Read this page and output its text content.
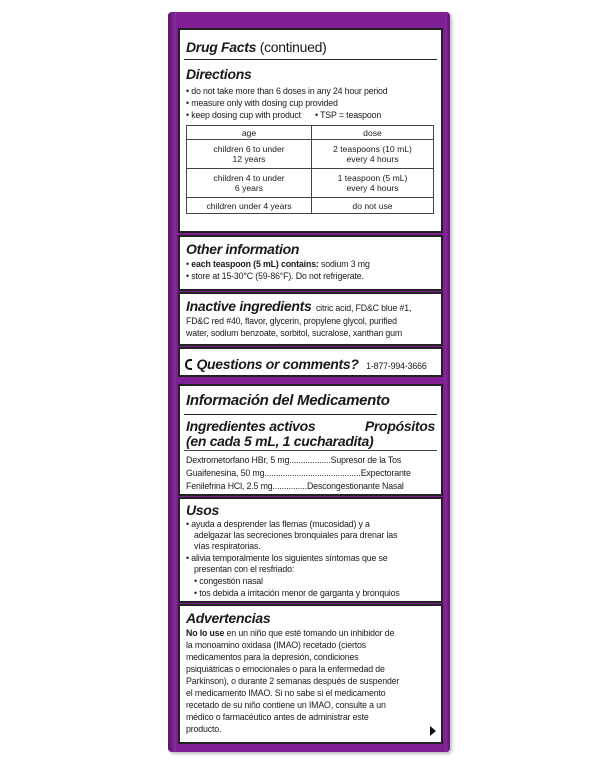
Drug Facts (continued)
Directions
• do not take more than 6 doses in any 24 hour period
• measure only with dosing cup provided
• keep dosing cup with product	• TSP = teaspoon
age	dose
children 6 to under
12 years	2 teaspoons (10 mL)
every 4 hours
children 4 to under
6 years	1 teaspoon (5 mL)
every 4 hours
children under 4 years	do not use
Other information
• each teaspoon (5 mL) contains: sodium 3 mg
• store at 15-30°C (59-86°F). Do not refrigerate.
Inactive ingredients citric acid, FD&C blue #1,
FD&C red #40, flavor, glycerin, propylene glycol, purified
water, sodium benzoate, sorbitol, sucralose, xanthan gum
Questions or comments? 1-877-994-3666
Información del Medicamento
Ingredientes activos	Propósitos
(en cada 5 mL, 1 cucharadita)
Dextrometorfano HBr, 5 mg..................Supresor de la Tos
Guaifenesina, 50 mg..........................................Expectorante
Fenilefrina HCl, 2.5 mg...............Descongestionante Nasal
Usos
• ayuda a desprender las flemas (mucosidad) y a
adelgazar las secreciones bronquiales para drenar las
vías respiratorias.
• alivia temporalmente los siguientes síntomas que se
presentan con el resfriado:
• congestión nasal
• tos debida a irritación menor de garganta y bronquios
Advertencias
No lo use en un niño que esté tomando un inhibidor de
la monoamino oxidasa (IMAO) recetado (ciertos
medicamentos para la depresión, condiciones
psiquiátricas o emocionales o para la enfermedad de
Parkinson), o durante 2 semanas después de suspender
el medicamento IMAO. Si no sabe si el medicamento
recetado de su niño contiene un IMAO, consulte a un
médico o farmacéutico antes de administrar este
producto.
